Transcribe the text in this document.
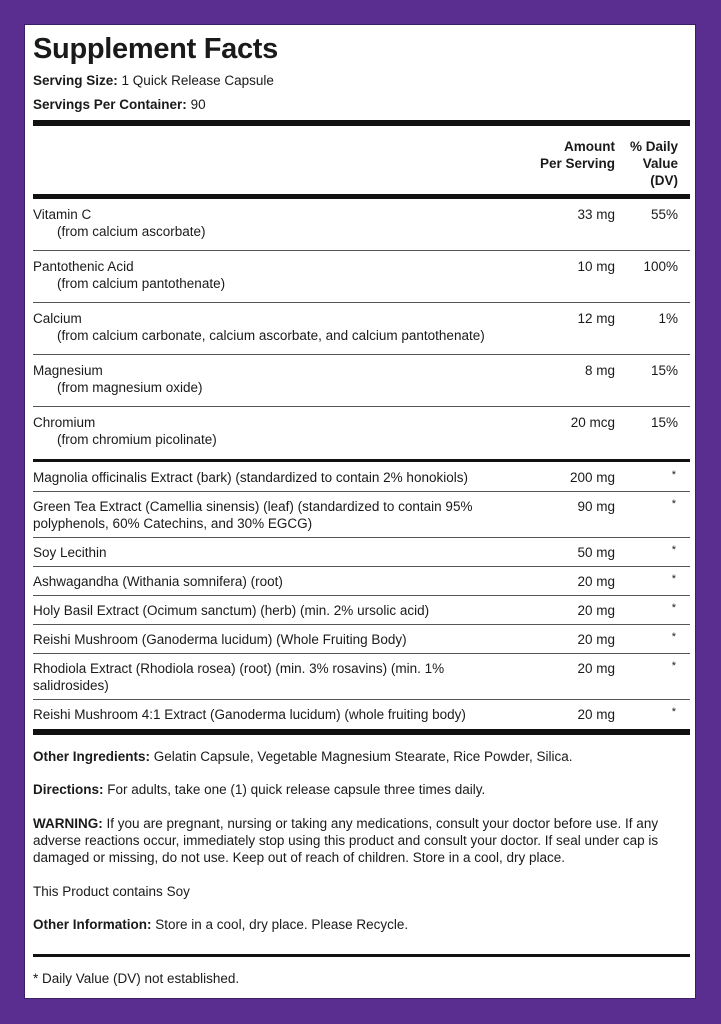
Supplement Facts
Serving Size: 1 Quick Release Capsule
Servings Per Container: 90
Amount
Per Serving
% Daily
Value
(DV)
Vitamin C
(from calcium ascorbate)
33 mg	55%
Pantothenic Acid
(from calcium pantothenate)
10 mg 100%
Calcium
(from calcium carbonate, calcium ascorbate, and calcium pantothenate)
12 mg	1%
Magnesium
(from magnesium oxide)
8 mg	15%
Chromium
(from chromium picolinate)
20 mcg	15%
Magnolia officinalis Extract (bark) (standardized to contain 2% honokiols)	200 mg	*
Green Tea Extract (Camellia sinensis) (leaf) (standardized to contain 95% polyphenols, 60% Catechins, and 30% EGCG)
90 mg	*
Soy Lecithin	50 mg	*
Ashwagandha (Withania somnifera) (root)	20 mg	*
Holy Basil Extract (Ocimum sanctum) (herb) (min. 2% ursolic acid)	20 mg	*
Reishi Mushroom (Ganoderma lucidum) (Whole Fruiting Body)	20 mg	*
Rhodiola Extract (Rhodiola rosea) (root) (min. 3% rosavins) (min. 1% salidrosides)
20 mg	*
Reishi Mushroom 4:1 Extract (Ganoderma lucidum) (whole fruiting body)	20 mg	*
Other Ingredients: Gelatin Capsule, Vegetable Magnesium Stearate, Rice Powder, Silica.
Directions: For adults, take one (1) quick release capsule three times daily.
WARNING: If you are pregnant, nursing or taking any medications, consult your doctor before use. If any adverse reactions occur, immediately stop using this product and consult your doctor. If seal under cap is damaged or missing, do not use. Keep out of reach of children. Store in a cool, dry place.
This Product contains Soy
Other Information: Store in a cool, dry place. Please Recycle.
* Daily Value (DV) not established.
